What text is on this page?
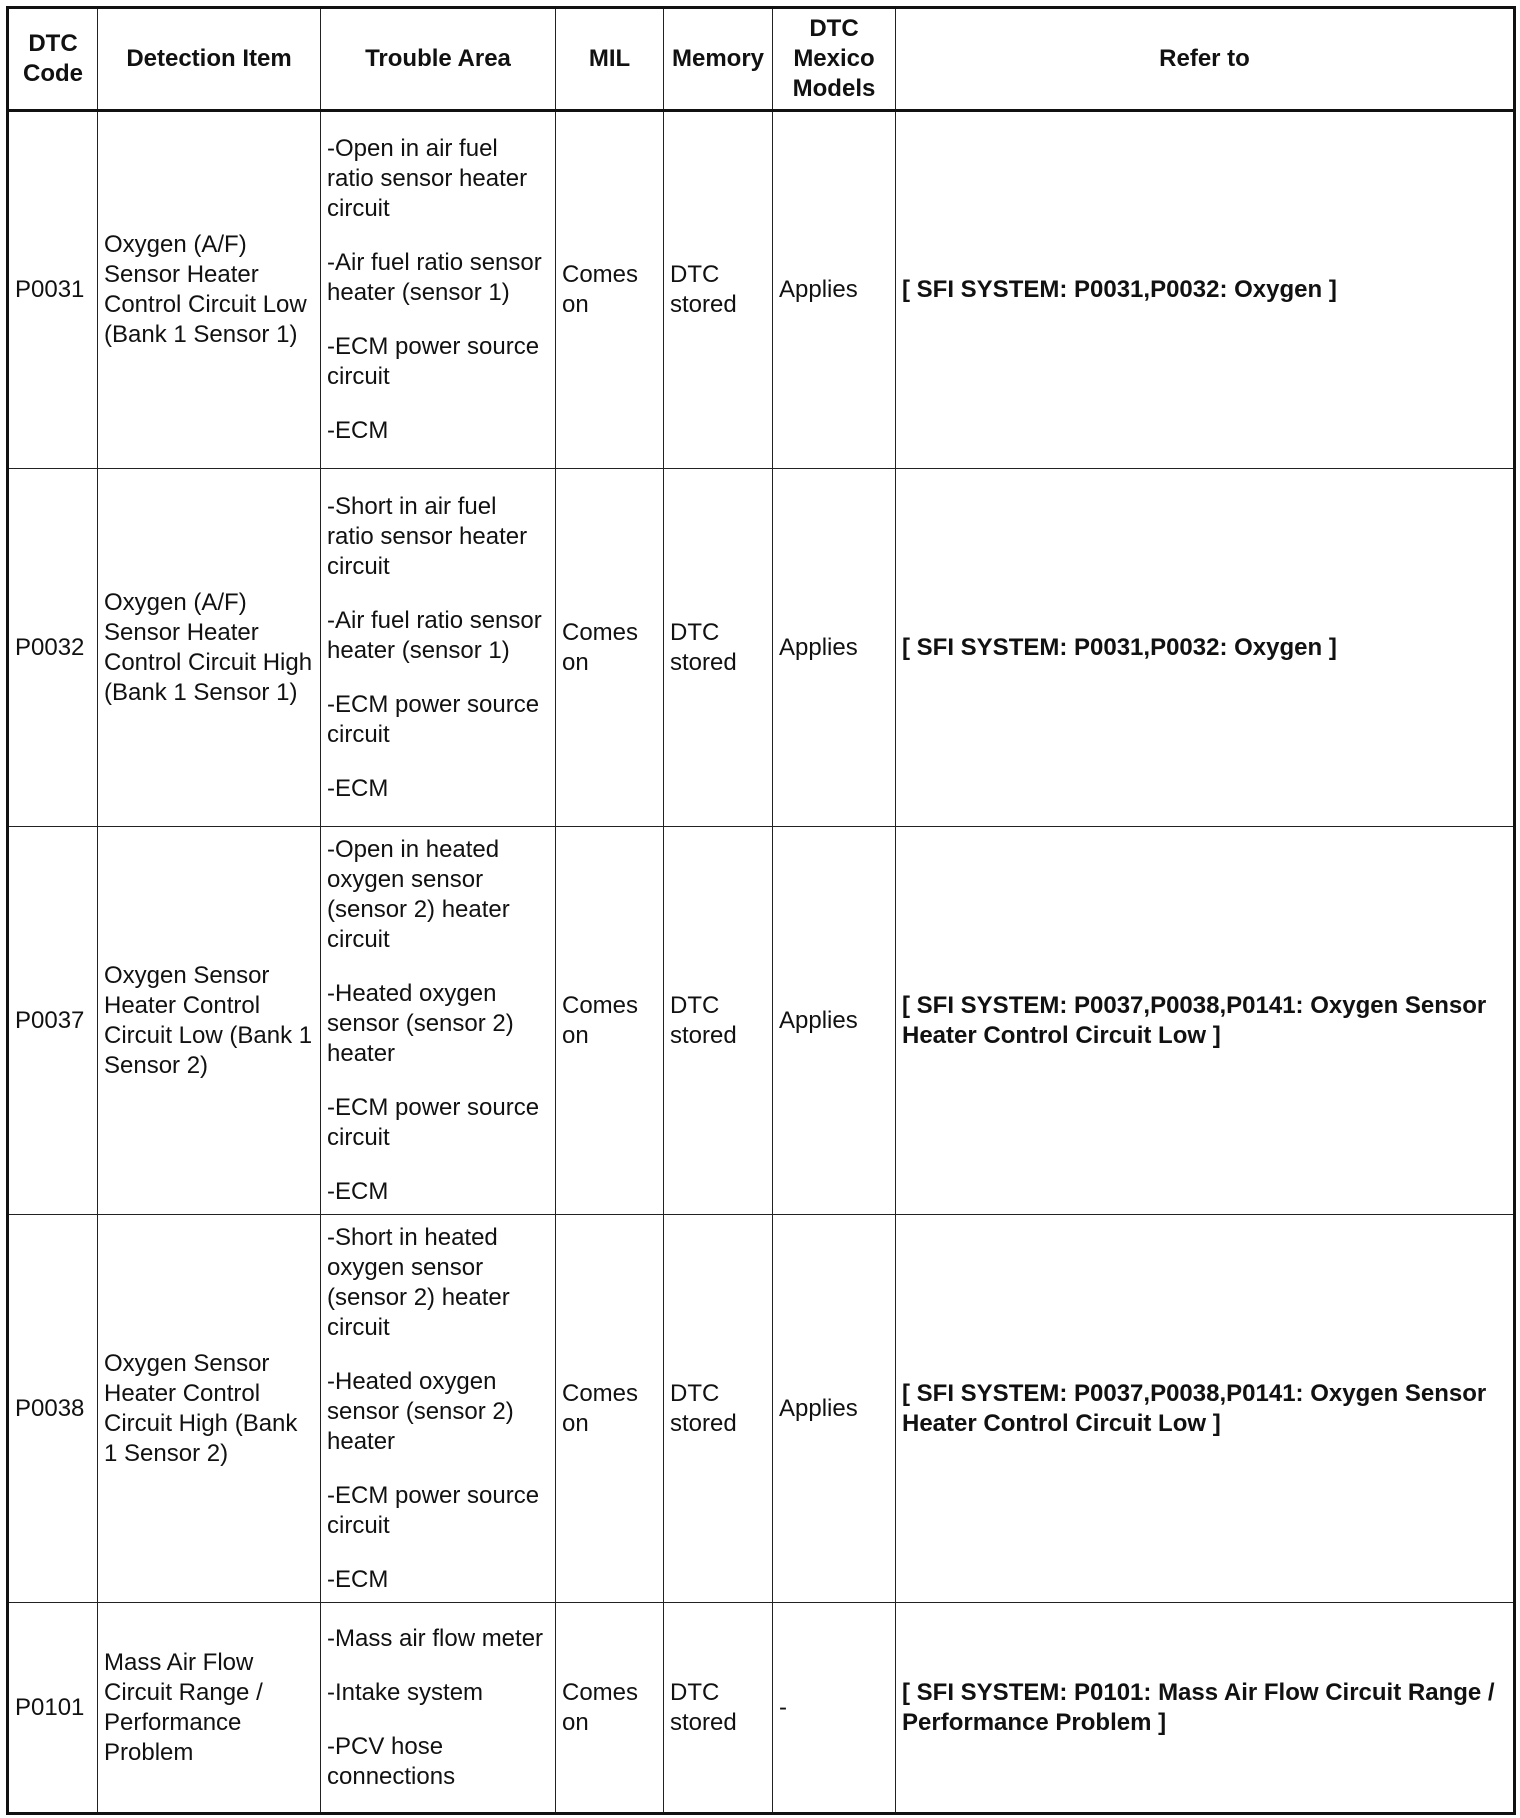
DTC Code	Detection Item	Trouble Area	MIL	Memory	DTC Mexico Models	Refer to
P0031	Oxygen (A/F) Sensor Heater Control Circuit Low (Bank 1 Sensor 1)	-Open in air fuel ratio sensor heater circuit
-Air fuel ratio sensor heater (sensor 1)
-ECM power source circuit
-ECM	Comes on	DTC stored	Applies	[ SFI SYSTEM: P0031,P0032: Oxygen ]
P0032	Oxygen (A/F) Sensor Heater Control Circuit High (Bank 1 Sensor 1)	-Short in air fuel ratio sensor heater circuit
-Air fuel ratio sensor heater (sensor 1)
-ECM power source circuit
-ECM	Comes on	DTC stored	Applies	[ SFI SYSTEM: P0031,P0032: Oxygen ]
P0037	Oxygen Sensor Heater Control Circuit Low (Bank 1 Sensor 2)	-Open in heated oxygen sensor (sensor 2) heater circuit
-Heated oxygen sensor (sensor 2) heater
-ECM power source circuit
-ECM	Comes on	DTC stored	Applies	[ SFI SYSTEM: P0037,P0038,P0141: Oxygen Sensor Heater Control Circuit Low ]
P0038	Oxygen Sensor Heater Control Circuit High (Bank 1 Sensor 2)	-Short in heated oxygen sensor (sensor 2) heater circuit
-Heated oxygen sensor (sensor 2) heater
-ECM power source circuit
-ECM	Comes on	DTC stored	Applies	[ SFI SYSTEM: P0037,P0038,P0141: Oxygen Sensor Heater Control Circuit Low ]
P0101	Mass Air Flow Circuit Range / Performance Problem	-Mass air flow meter
-Intake system
-PCV hose connections	Comes on	DTC stored	-	[ SFI SYSTEM: P0101: Mass Air Flow Circuit Range / Performance Problem ]
